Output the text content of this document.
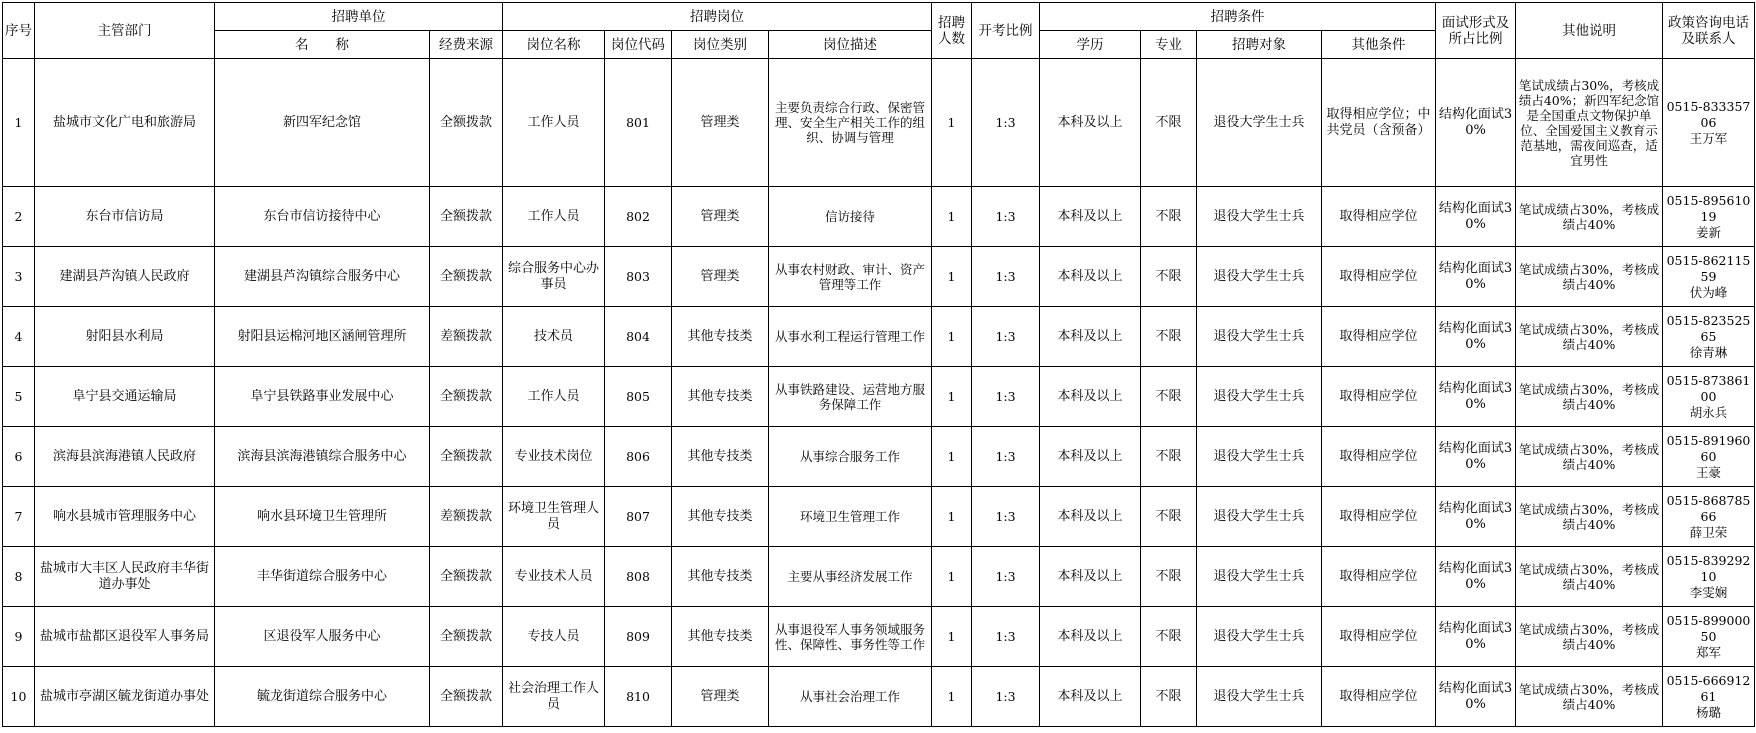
序号	主管部门	招聘单位		招聘岗位				招聘人数	开考比例	招聘条件				面试形式及所占比例	其他说明	政策咨询电话及联系人
		名　　称	经费来源	岗位名称	岗位代码	岗位类别	岗位描述			学历	专业	招聘对象	其他条件			
1	盐城市文化广电和旅游局	新四军纪念馆	全额拨款	工作人员	801	管理类	主要负责综合行政、保密管理、安全生产相关工作的组织、协调与管理	1	1:3	本科及以上	不限	退役大学生士兵	取得相应学位；中共党员（含预备）	结构化面试30%	笔试成绩占30%，考核成绩占40%；新四军纪念馆是全国重点文物保护单位、全国爱国主义教育示范基地，需夜间巡查，适宜男性	0515-83335706
王万军

2	东台市信访局	东台市信访接待中心	全额拨款	工作人员	802	管理类	信访接待	1	1:3	本科及以上	不限	退役大学生士兵	取得相应学位	结构化面试30%	笔试成绩占30%，考核成绩占40%	0515-89561019
姜新

3	建湖县芦沟镇人民政府	建湖县芦沟镇综合服务中心	全额拨款	综合服务中心办事员	803	管理类	从事农村财政、审计、资产管理等工作	1	1:3	本科及以上	不限	退役大学生士兵	取得相应学位	结构化面试30%	笔试成绩占30%，考核成绩占40%	0515-86211559
伏为峰

4	射阳县水利局	射阳县运棉河地区涵闸管理所	差额拨款	技术员	804	其他专技类	从事水利工程运行管理工作	1	1:3	本科及以上	不限	退役大学生士兵	取得相应学位	结构化面试30%	笔试成绩占30%，考核成绩占40%	0515-82352565
徐青琳

5	阜宁县交通运输局	阜宁县铁路事业发展中心	全额拨款	工作人员	805	其他专技类	从事铁路建设、运营地方服务保障工作	1	1:3	本科及以上	不限	退役大学生士兵	取得相应学位	结构化面试30%	笔试成绩占30%，考核成绩占40%	0515-87386100
胡永兵

6	滨海县滨海港镇人民政府	滨海县滨海港镇综合服务中心	全额拨款	专业技术岗位	806	其他专技类	从事综合服务工作	1	1:3	本科及以上	不限	退役大学生士兵	取得相应学位	结构化面试30%	笔试成绩占30%，考核成绩占40%	0515-89196060
王豪

7	响水县城市管理服务中心	响水县环境卫生管理所	差额拨款	环境卫生管理人员	807	其他专技类	环境卫生管理工作	1	1:3	本科及以上	不限	退役大学生士兵	取得相应学位	结构化面试30%	笔试成绩占30%，考核成绩占40%	0515-86878566
薛卫荣

8	盐城市大丰区人民政府丰华街道办事处	丰华街道综合服务中心	全额拨款	专业技术人员	808	其他专技类	主要从事经济发展工作	1	1:3	本科及以上	不限	退役大学生士兵	取得相应学位	结构化面试30%	笔试成绩占30%，考核成绩占40%	0515-83929210
李雯娴

9	盐城市盐都区退役军人事务局	区退役军人服务中心	全额拨款	专技人员	809	其他专技类	从事退役军人事务领域服务性、保障性、事务性等工作	1	1:3	本科及以上	不限	退役大学生士兵	取得相应学位	结构化面试30%	笔试成绩占30%，考核成绩占40%	0515-89900050
郑军

10	盐城市亭湖区毓龙街道办事处	毓龙街道综合服务中心	全额拨款	社会治理工作人员	810	管理类	从事社会治理工作	1	1:3	本科及以上	不限	退役大学生士兵	取得相应学位	结构化面试30%	笔试成绩占30%，考核成绩占40%	0515-66691261
杨璐
